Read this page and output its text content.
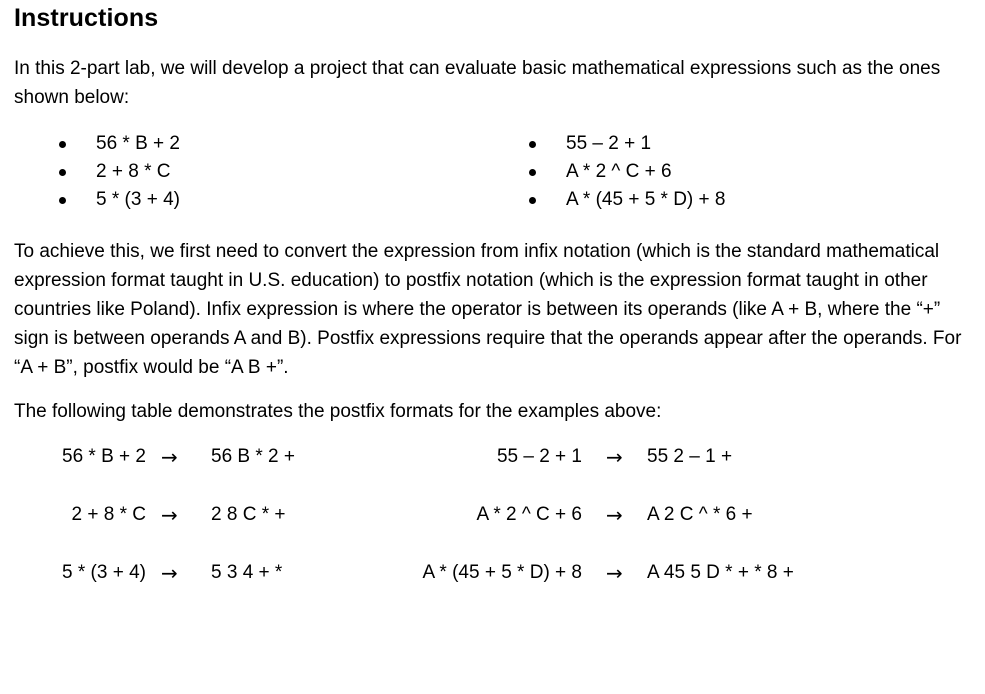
Instructions

In this 2-part lab, we will develop a project that can evaluate basic mathematical expressions such as the ones shown below:

56 * B + 2
2 + 8 * C
5 * (3 + 4)
55 – 2 + 1
A * 2 ^ C + 6
A * (45 + 5 * D) + 8

To achieve this, we first need to convert the expression from infix notation (which is the standard mathematical expression format taught in U.S. education) to postfix notation (which is the expression format taught in other countries like Poland). Infix expression is where the operator is between its operands (like A + B, where the “+” sign is between operands A and B). Postfix expressions require that the operands appear after the operands. For “A + B”, postfix would be “A B +”.

The following table demonstrates the postfix formats for the examples above:

56 * B + 2 → 56 B * 2 +	55 – 2 + 1 → 55 2 – 1 +
2 + 8 * C → 2 8 C * +	A * 2 ^ C + 6 → A 2 C ^ * 6 +
5 * (3 + 4) → 5 3 4 + *	A * (45 + 5 * D) + 8 → A 45 5 D * + * 8 +
